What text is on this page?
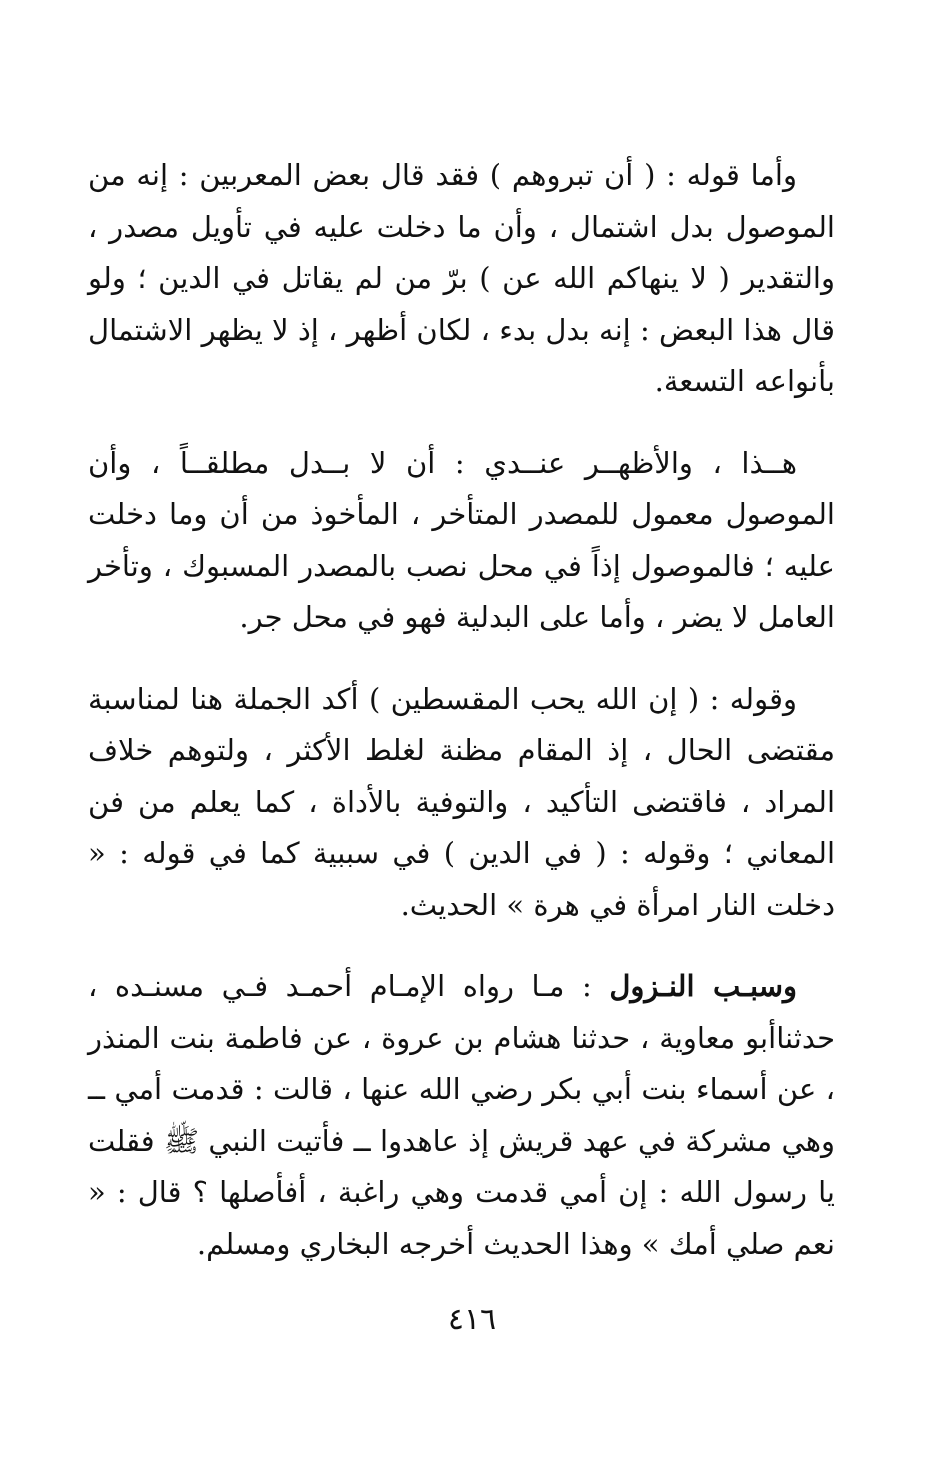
وأما قوله : ( أن تبروهم ) فقد قال بعض المعربين : إنه من الموصول بدل اشتمال ، وأن ما دخلت عليه في تأويل مصدر ، والتقدير ( لا ينهاكم الله عن ) برّ من لم يقاتل في الدين ؛ ولو قال هذا البعض : إنه بدل بدء ، لكان أظهر ، إذ لا يظهر الاشتمال بأنواعه التسعة.

هــذا ، والأظهــر عنــدي : أن لا بــدل مطلقــاً ، وأن الموصول معمول للمصدر المتأخر ، المأخوذ من أن وما دخلت عليه ؛ فالموصول إذاً في محل نصب بالمصدر المسبوك ، وتأخر العامل لا يضر ، وأما على البدلية فهو في محل جر.

وقوله : ( إن الله يحب المقسطين ) أكد الجملة هنا لمناسبة مقتضى الحال ، إذ المقام مظنة لغلط الأكثر ، ولتوهم خلاف المراد ، فاقتضى التأكيد ، والتوفية بالأداة ، كما يعلم من فن المعاني ؛ وقوله : ( في الدين ) في سببية كما في قوله : « دخلت النار امرأة في هرة » الحديث.

وسبـب النـزول : مـا رواه الإمـام أحمـد فـي مسنـده ، حدثناأبو معاوية ، حدثنا هشام بن عروة ، عن فاطمة بنت المنذر ، عن أسماء بنت أبي بكر رضي الله عنها ، قالت : قدمت أمي ــ وهي مشركة في عهد قريش إذ عاهدوا ــ فأتيت النبي ﷺ فقلت يا رسول الله : إن أمي قدمت وهي راغبة ، أفأصلها ؟ قال : « نعم صلي أمك » وهذا الحديث أخرجه البخاري ومسلم.

٤١٦
